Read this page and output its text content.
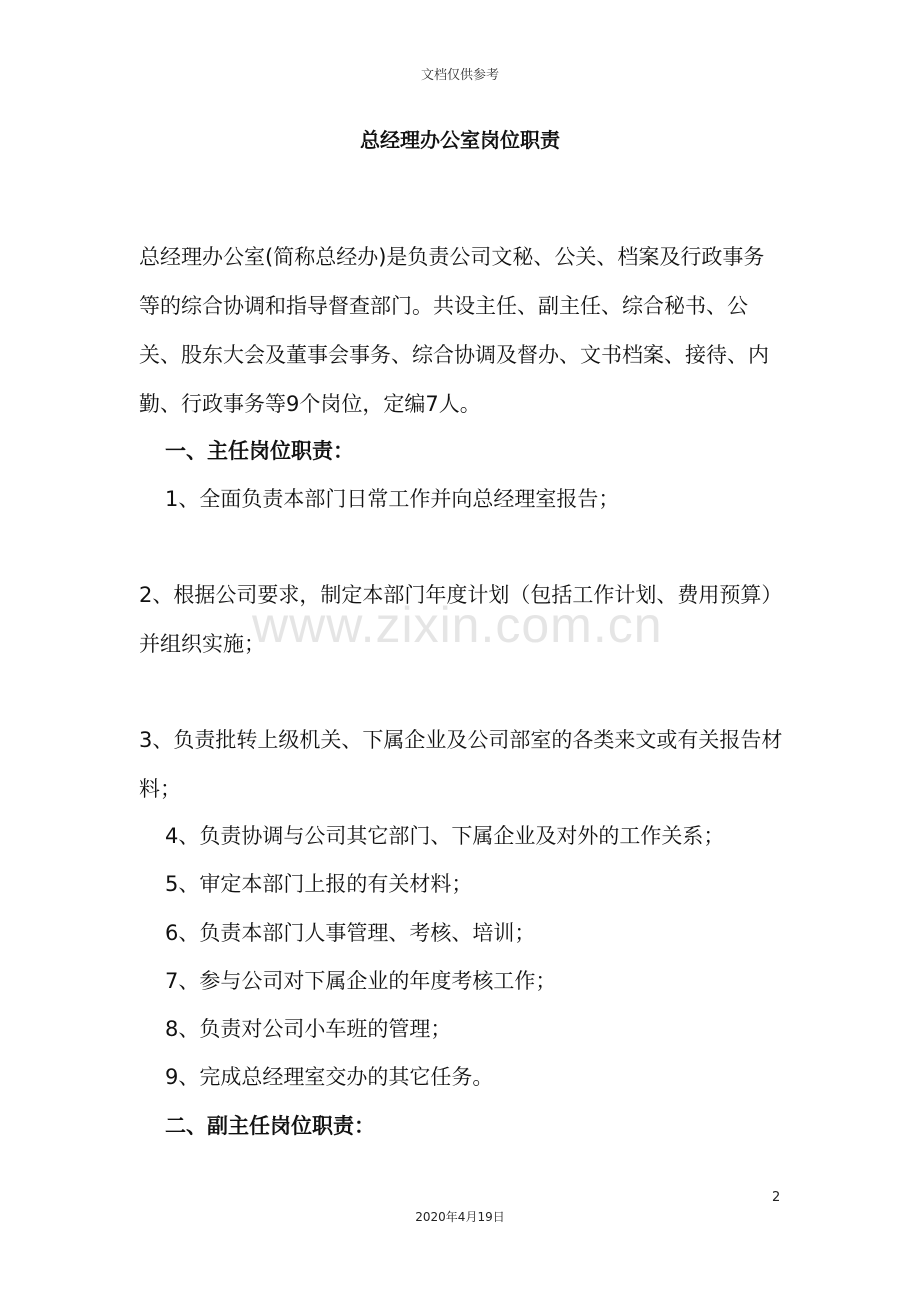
文档仅供参考
总经理办公室岗位职责
总经理办公室(简称总经办)是负责公司文秘、公关、档案及行政事务等的综合协调和指导督查部门。共设主任、副主任、综合秘书、公关、股东大会及董事会事务、综合协调及督办、文书档案、接待、内勤、行政事务等9个岗位，定编7人。
一、主任岗位职责：
1、全面负责本部门日常工作并向总经理室报告；
2、根据公司要求，制定本部门年度计划（包括工作计划、费用预算）并组织实施；
3、负责批转上级机关、下属企业及公司部室的各类来文或有关报告材料；
4、负责协调与公司其它部门、下属企业及对外的工作关系；
5、审定本部门上报的有关材料；
6、负责本部门人事管理、考核、培训；
7、参与公司对下属企业的年度考核工作；
8、负责对公司小车班的管理；
9、完成总经理室交办的其它任务。
二、副主任岗位职责：
www.zixin.com.cn
2
2020年4月19日
